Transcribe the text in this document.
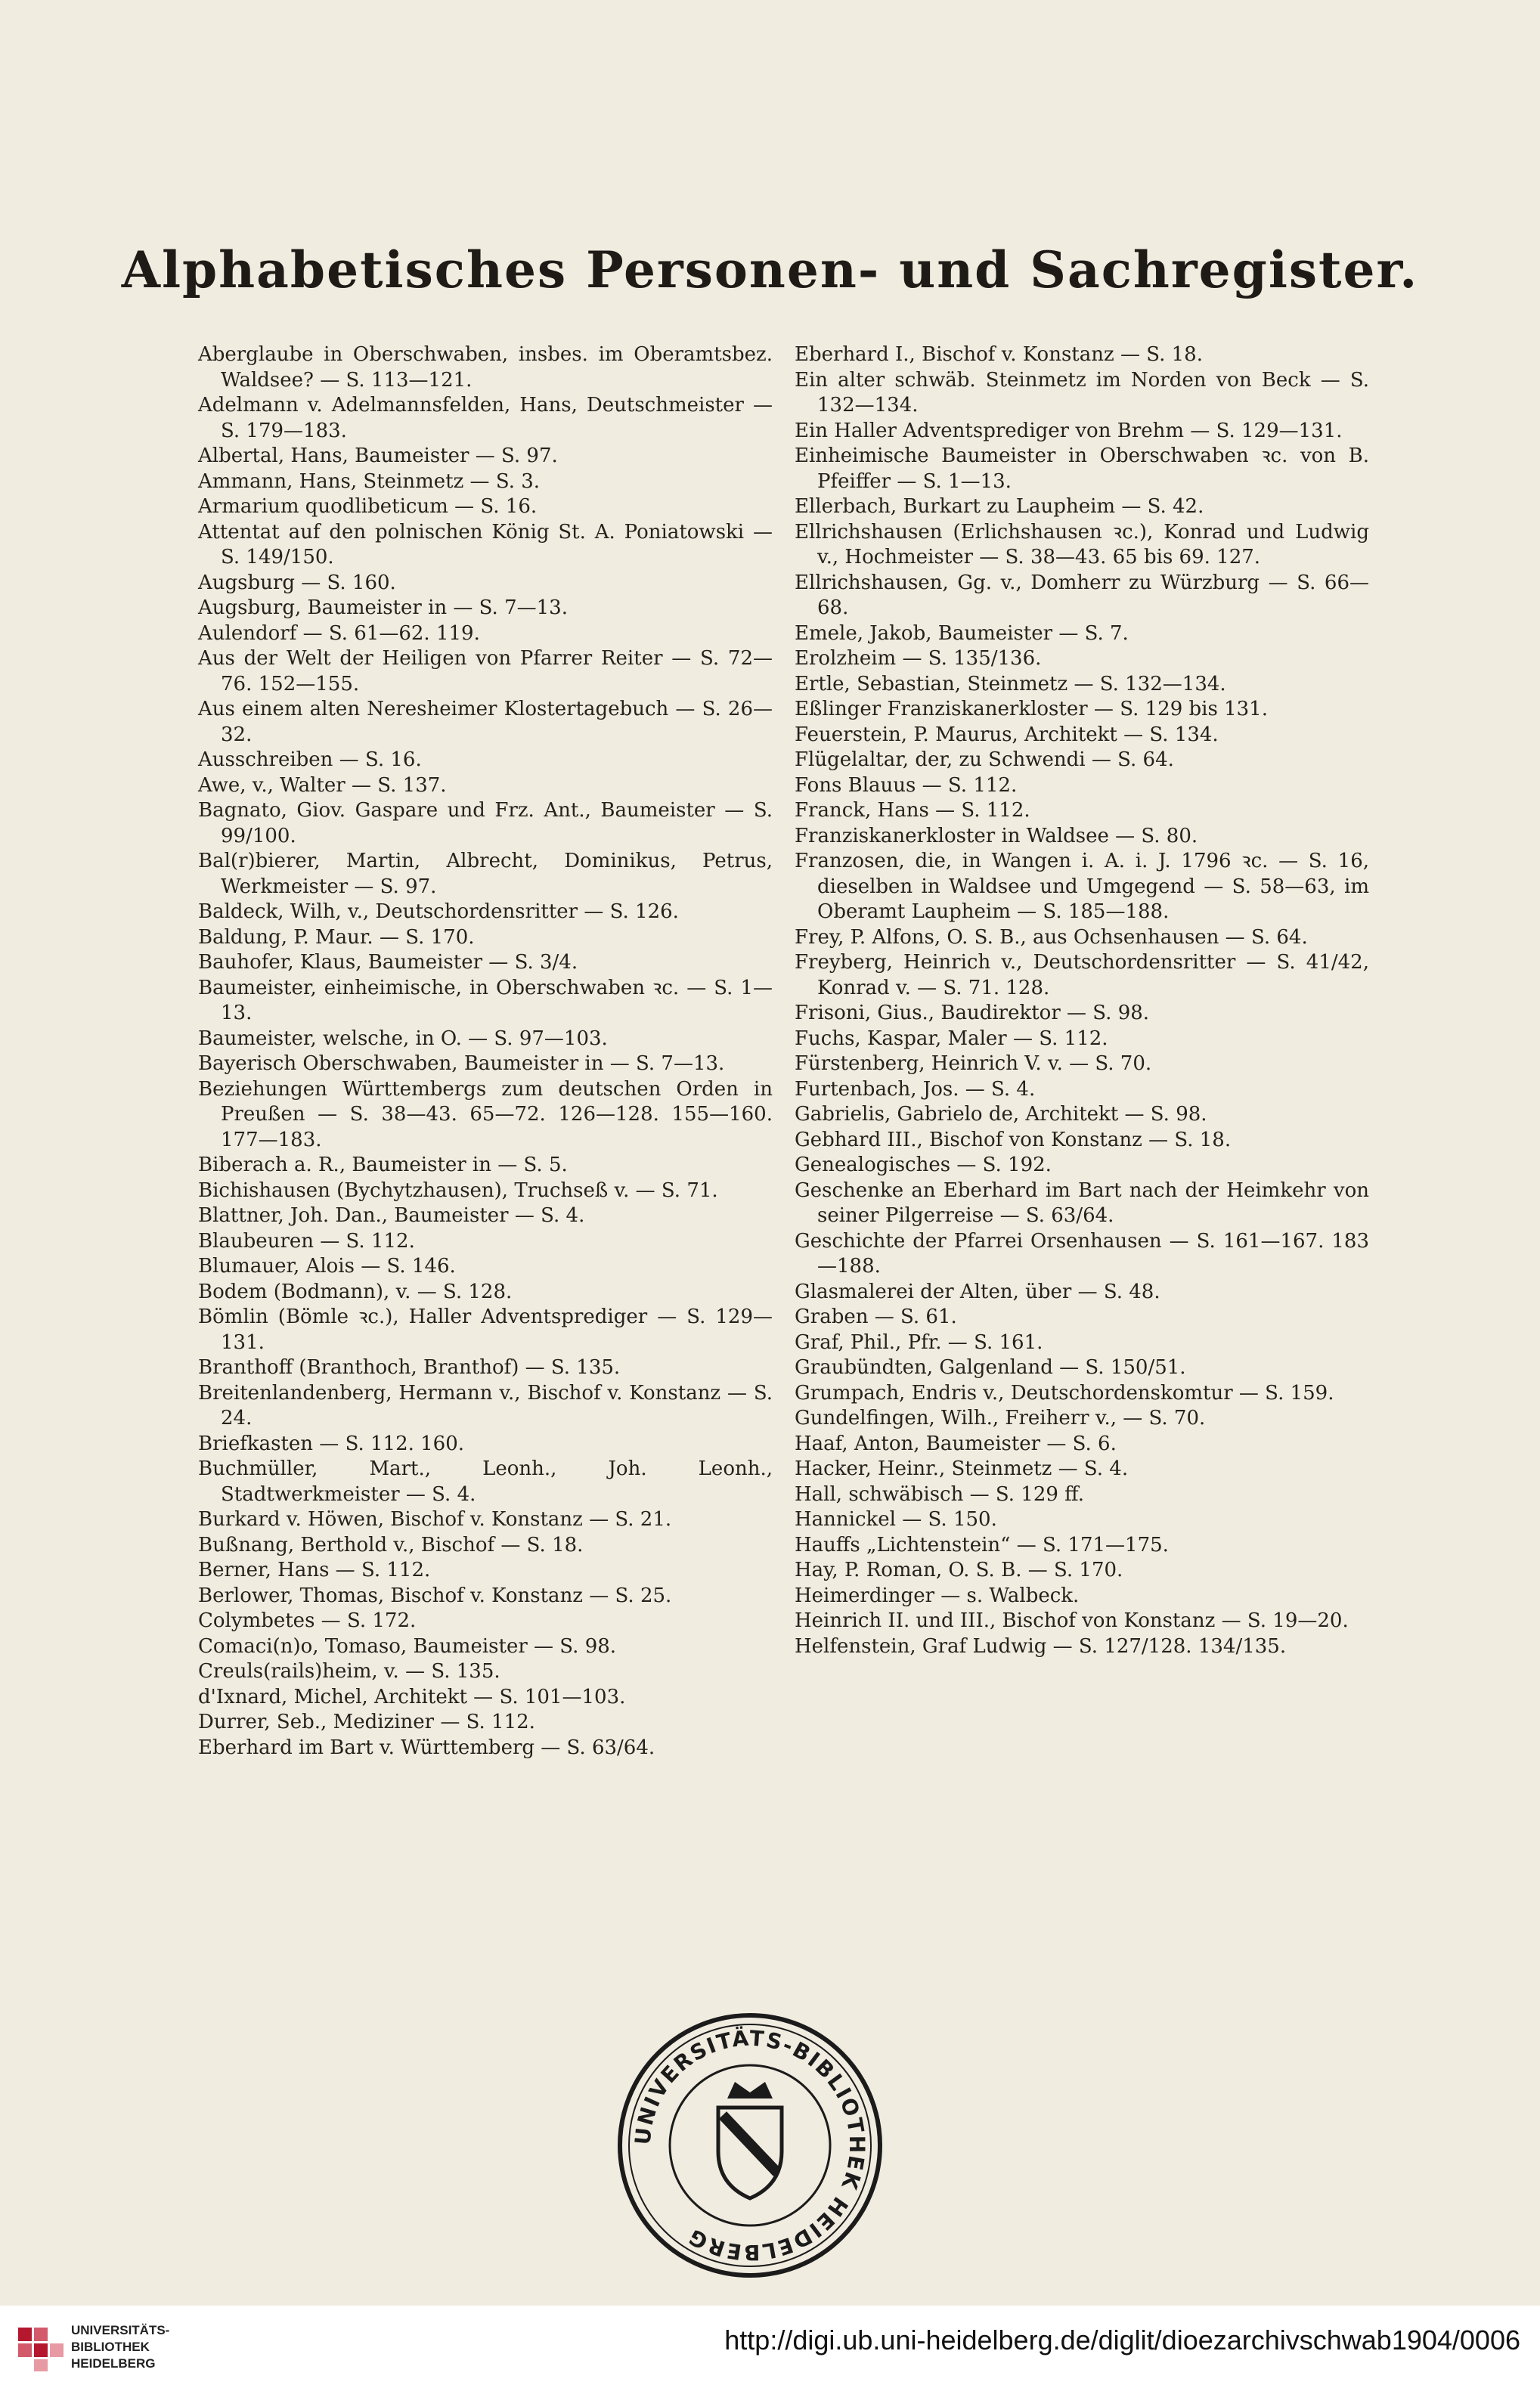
Alphabetisches Personen- und Sachregister.

Aberglaube in Oberschwaben, insbes. im Oberamtsbez. Waldsee? — S. 113—121.

Adelmann v. Adelmannsfelden, Hans, Deutschmeister — S. 179—183.

Albertal, Hans, Baumeister — S. 97.

Ammann, Hans, Steinmetz — S. 3.

Armarium quodlibeticum — S. 16.

Attentat auf den polnischen König St. A. Poniatowski — S. 149/150.

Augsburg — S. 160.

Augsburg, Baumeister in — S. 7—13.

Aulendorf — S. 61—62. 119.

Aus der Welt der Heiligen von Pfarrer Reiter — S. 72—76. 152—155.

Aus einem alten Neresheimer Klostertagebuch — S. 26—32.

Ausschreiben — S. 16.

Awe, v., Walter — S. 137.

Bagnato, Giov. Gaspare und Frz. Ant., Baumeister — S. 99/100.

Bal(r)bierer, Martin, Albrecht, Dominikus, Petrus, Werkmeister — S. 97.

Baldeck, Wilh, v., Deutschordensritter — S. 126.

Baldung, P. Maur. — S. 170.

Bauhofer, Klaus, Baumeister — S. 3/4.

Baumeister, einheimische, in Oberschwaben ꝛc. — S. 1—13.

Baumeister, welsche, in O. — S. 97—103.

Bayerisch Oberschwaben, Baumeister in — S. 7—13.

Beziehungen Württembergs zum deutschen Orden in Preußen — S. 38—43. 65—72. 126—128. 155—160. 177—183.

Biberach a. R., Baumeister in — S. 5.

Bichishausen (Bychytzhausen), Truchseß v. — S. 71.

Blattner, Joh. Dan., Baumeister — S. 4.

Blaubeuren — S. 112.

Blumauer, Alois — S. 146.

Bodem (Bodmann), v. — S. 128.

Bömlin (Bömle ꝛc.), Haller Adventsprediger — S. 129—131.

Branthoff (Branthoch, Branthof) — S. 135.

Breitenlandenberg, Hermann v., Bischof v. Konstanz — S. 24.

Briefkasten — S. 112. 160.

Buchmüller, Mart., Leonh., Joh. Leonh., Stadtwerkmeister — S. 4.

Burkard v. Höwen, Bischof v. Konstanz — S. 21.

Bußnang, Berthold v., Bischof — S. 18.

Berner, Hans — S. 112.

Berlower, Thomas, Bischof v. Konstanz — S. 25.

Colymbetes — S. 172.

Comaci(n)o, Tomaso, Baumeister — S. 98.

Creuls(rails)heim, v. — S. 135.

d'Ixnard, Michel, Architekt — S. 101—103.

Durrer, Seb., Mediziner — S. 112.

Eberhard im Bart v. Württemberg — S. 63/64.

Eberhard I., Bischof v. Konstanz — S. 18.

Ein alter schwäb. Steinmetz im Norden von Beck — S. 132—134.

Ein Haller Adventsprediger von Brehm — S. 129—131.

Einheimische Baumeister in Oberschwaben ꝛc. von B. Pfeiffer — S. 1—13.

Ellerbach, Burkart zu Laupheim — S. 42.

Ellrichshausen (Erlichshausen ꝛc.), Konrad und Ludwig v., Hochmeister — S. 38—43. 65 bis 69. 127.

Ellrichshausen, Gg. v., Domherr zu Würzburg — S. 66—68.

Emele, Jakob, Baumeister — S. 7.

Erolzheim — S. 135/136.

Ertle, Sebastian, Steinmetz — S. 132—134.

Eßlinger Franziskanerkloster — S. 129 bis 131.

Feuerstein, P. Maurus, Architekt — S. 134.

Flügelaltar, der, zu Schwendi — S. 64.

Fons Blauus — S. 112.

Franck, Hans — S. 112.

Franziskanerkloster in Waldsee — S. 80.

Franzosen, die, in Wangen i. A. i. J. 1796 ꝛc. — S. 16, dieselben in Waldsee und Umgegend — S. 58—63, im Oberamt Laupheim — S. 185—188.

Frey, P. Alfons, O. S. B., aus Ochsenhausen — S. 64.

Freyberg, Heinrich v., Deutschordensritter — S. 41/42, Konrad v. — S. 71. 128.

Frisoni, Gius., Baudirektor — S. 98.

Fuchs, Kaspar, Maler — S. 112.

Fürstenberg, Heinrich V. v. — S. 70.

Furtenbach, Jos. — S. 4.

Gabrielis, Gabrielo de, Architekt — S. 98.

Gebhard III., Bischof von Konstanz — S. 18.

Genealogisches — S. 192.

Geschenke an Eberhard im Bart nach der Heimkehr von seiner Pilgerreise — S. 63/64.

Geschichte der Pfarrei Orsenhausen — S. 161—167. 183—188.

Glasmalerei der Alten, über — S. 48.

Graben — S. 61.

Graf, Phil., Pfr. — S. 161.

Graubündten, Galgenland — S. 150/51.

Grumpach, Endris v., Deutschordenskomtur — S. 159.

Gundelfingen, Wilh., Freiherr v., — S. 70.

Haaf, Anton, Baumeister — S. 6.

Hacker, Heinr., Steinmetz — S. 4.

Hall, schwäbisch — S. 129 ff.

Hannickel — S. 150.

Hauffs „Lichtenstein“ — S. 171—175.

Hay, P. Roman, O. S. B. — S. 170.

Heimerdinger — s. Walbeck.

Heinrich II. und III., Bischof von Konstanz — S. 19—20.

Helfenstein, Graf Ludwig — S. 127/128. 134/135.

UNIVERSITÄTS-BIBLIOTHEK HEIDELBERG
UNIVERSITÄTS-
BIBLIOTHEK
HEIDELBERG
http://digi.ub.uni-heidelberg.de/diglit/dioezarchivschwab1904/0006
